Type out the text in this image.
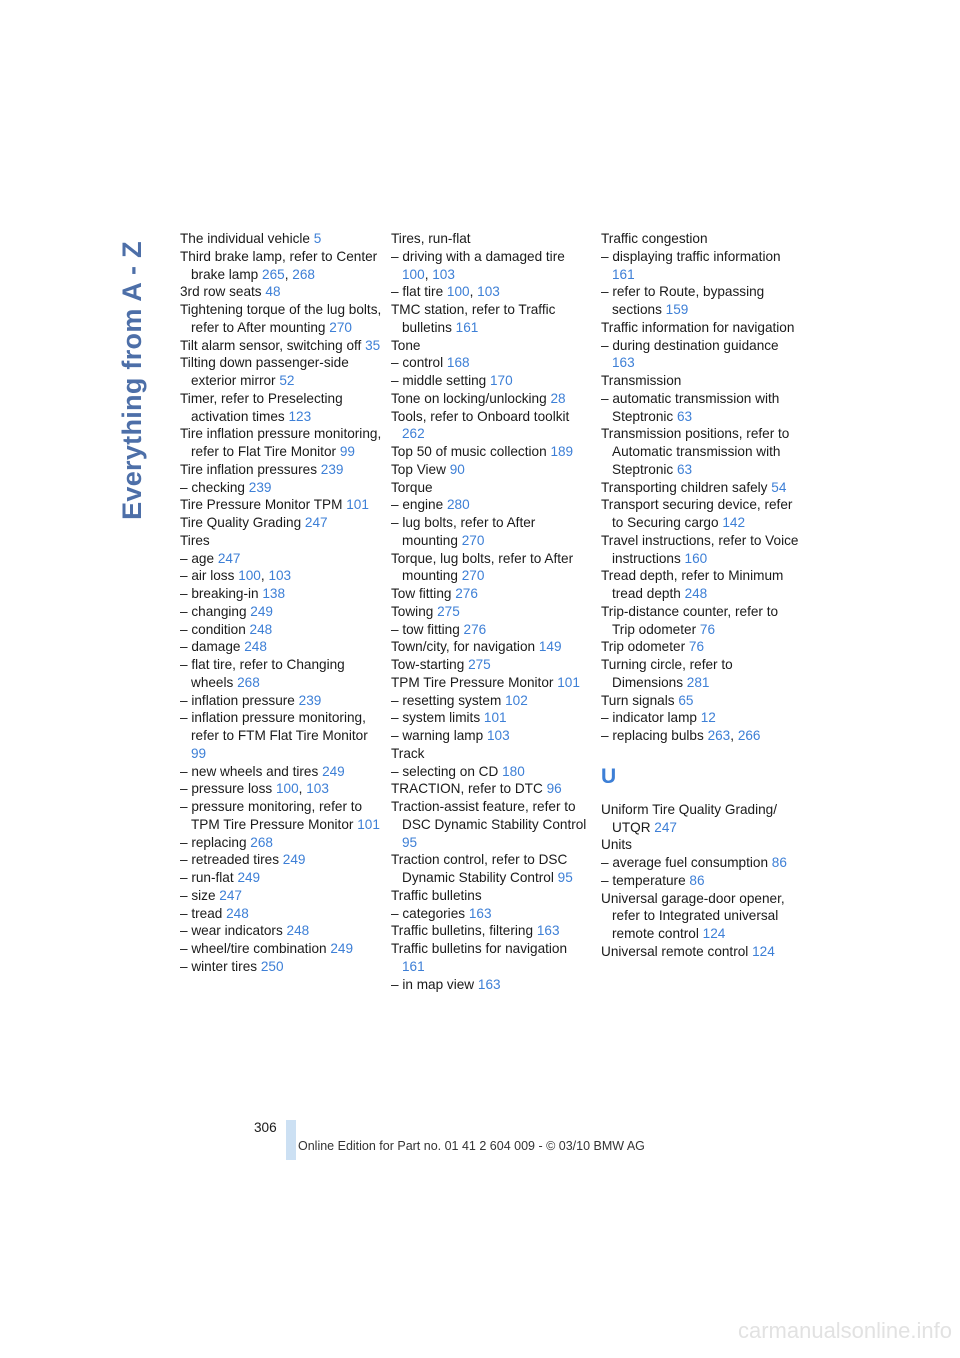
Everything from A - Z
The individual vehicle 5
Third brake lamp, refer to Center brake lamp 265, 268
3rd row seats 48
Tightening torque of the lug bolts, refer to After mounting 270
Tilt alarm sensor, switching off 35
Tilting down passenger-side exterior mirror 52
Timer, refer to Preselecting activation times 123
Tire inflation pressure monitoring, refer to Flat Tire Monitor 99
Tire inflation pressures 239
– checking 239
Tire Pressure Monitor TPM 101
Tire Quality Grading 247
Tires
– age 247
– air loss 100, 103
– breaking-in 138
– changing 249
– condition 248
– damage 248
– flat tire, refer to Changing wheels 268
– inflation pressure 239
– inflation pressure monitoring, refer to FTM Flat Tire Monitor 99
– new wheels and tires 249
– pressure loss 100, 103
– pressure monitoring, refer to TPM Tire Pressure Monitor 101
– replacing 268
– retreaded tires 249
– run-flat 249
– size 247
– tread 248
– wear indicators 248
– wheel/tire combination 249
– winter tires 250
Tires, run-flat
– driving with a damaged tire 100, 103
– flat tire 100, 103
TMC station, refer to Traffic bulletins 161
Tone
– control 168
– middle setting 170
Tone on locking/unlocking 28
Tools, refer to Onboard toolkit 262
Top 50 of music collection 189
Top View 90
Torque
– engine 280
– lug bolts, refer to After mounting 270
Torque, lug bolts, refer to After mounting 270
Tow fitting 276
Towing 275
– tow fitting 276
Town/city, for navigation 149
Tow-starting 275
TPM Tire Pressure Monitor 101
– resetting system 102
– system limits 101
– warning lamp 103
Track
– selecting on CD 180
TRACTION, refer to DTC 96
Traction-assist feature, refer to DSC Dynamic Stability Control 95
Traction control, refer to DSC Dynamic Stability Control 95
Traffic bulletins
– categories 163
Traffic bulletins, filtering 163
Traffic bulletins for navigation 161
– in map view 163
Traffic congestion
– displaying traffic information 161
– refer to Route, bypassing sections 159
Traffic information for navigation
– during destination guidance 163
Transmission
– automatic transmission with Steptronic 63
Transmission positions, refer to Automatic transmission with Steptronic 63
Transporting children safely 54
Transport securing device, refer to Securing cargo 142
Travel instructions, refer to Voice instructions 160
Tread depth, refer to Minimum tread depth 248
Trip-distance counter, refer to Trip odometer 76
Trip odometer 76
Turning circle, refer to Dimensions 281
Turn signals 65
– indicator lamp 12
– replacing bulbs 263, 266
U
Uniform Tire Quality Grading/ UTQR 247
Units
– average fuel consumption 86
– temperature 86
Universal garage-door opener, refer to Integrated universal remote control 124
Universal remote control 124
306
Online Edition for Part no. 01 41 2 604 009 - © 03/10 BMW AG
carmanualsonline.info
